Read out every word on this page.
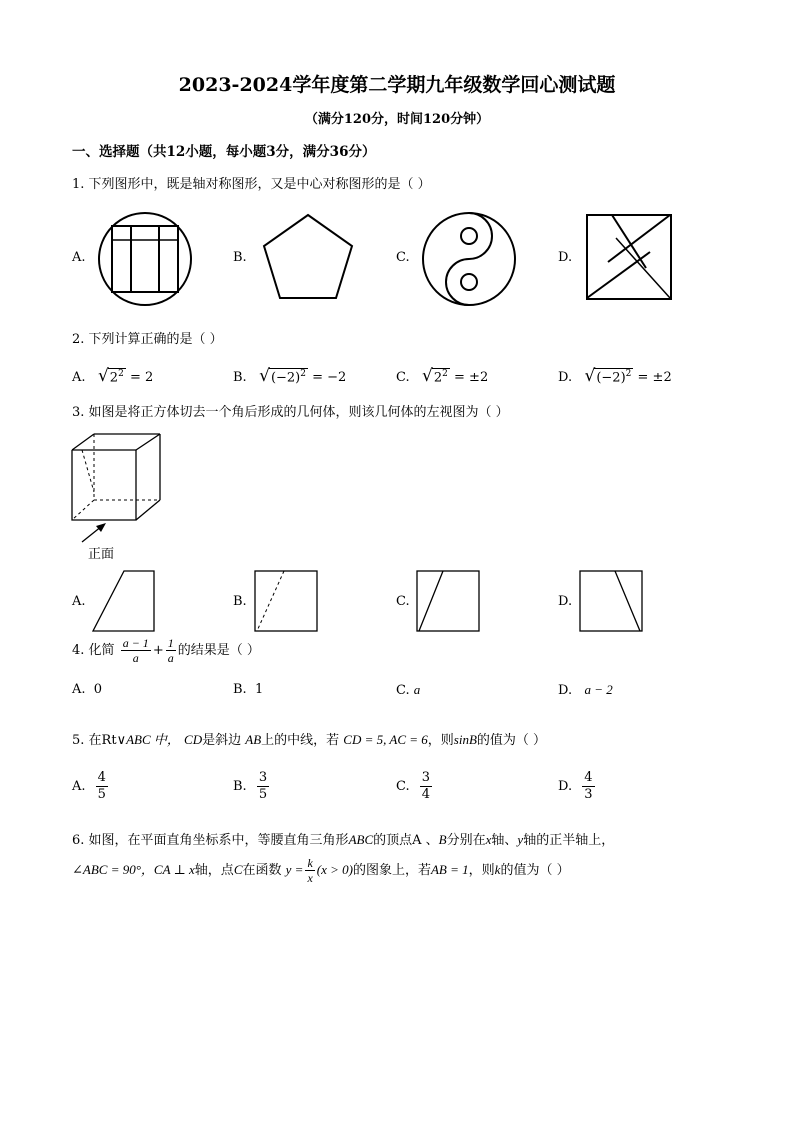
2023-2024学年度第二学期九年级数学回心测试题
（满分120分，时间120分钟）
一、选择题（共12小题，每小题3分，满分36分）
1. 下列图形中，既是轴对称图形，又是中心对称图形的是（ ）
A.	B.	C.	D.
2. 下列计算正确的是（ ）
A. $√2^2 = 2$	B. $√(-2)^2 = -2$	C. $√2^2 = \pm 2$	D. $√(-2)^2 = \pm 2$
3. 如图是将正方体切去一个角后形成的几何体，则该几何体的左视图为（ ）
正面
A.	B.	C.	D.
4. 化简 $\frac{a - 1}{a} + \frac{1}{a}$ 的结果是（ ）
A. 0	B. 1	C. a	D. a − 2
5. 在Rt∨ABC 中， CD是斜边 AB上的中线，若 CD = 5, AC = 6，则sinB的值为（ ）
A. $\frac{4}{5}$	B. $\frac{3}{5}$	C. $\frac{3}{4}$	D. $\frac{4}{3}$
6. 如图，在平面直角坐标系中，等腰直角三角形ABC的顶点A 、B分别在x轴、y轴的正半轴上，
∠ABC = 90°，CA ⊥ x轴，点C在函数 $y = \frac{k}{x} (x > 0)$的图象上，若AB = 1，则k的值为（ ）
